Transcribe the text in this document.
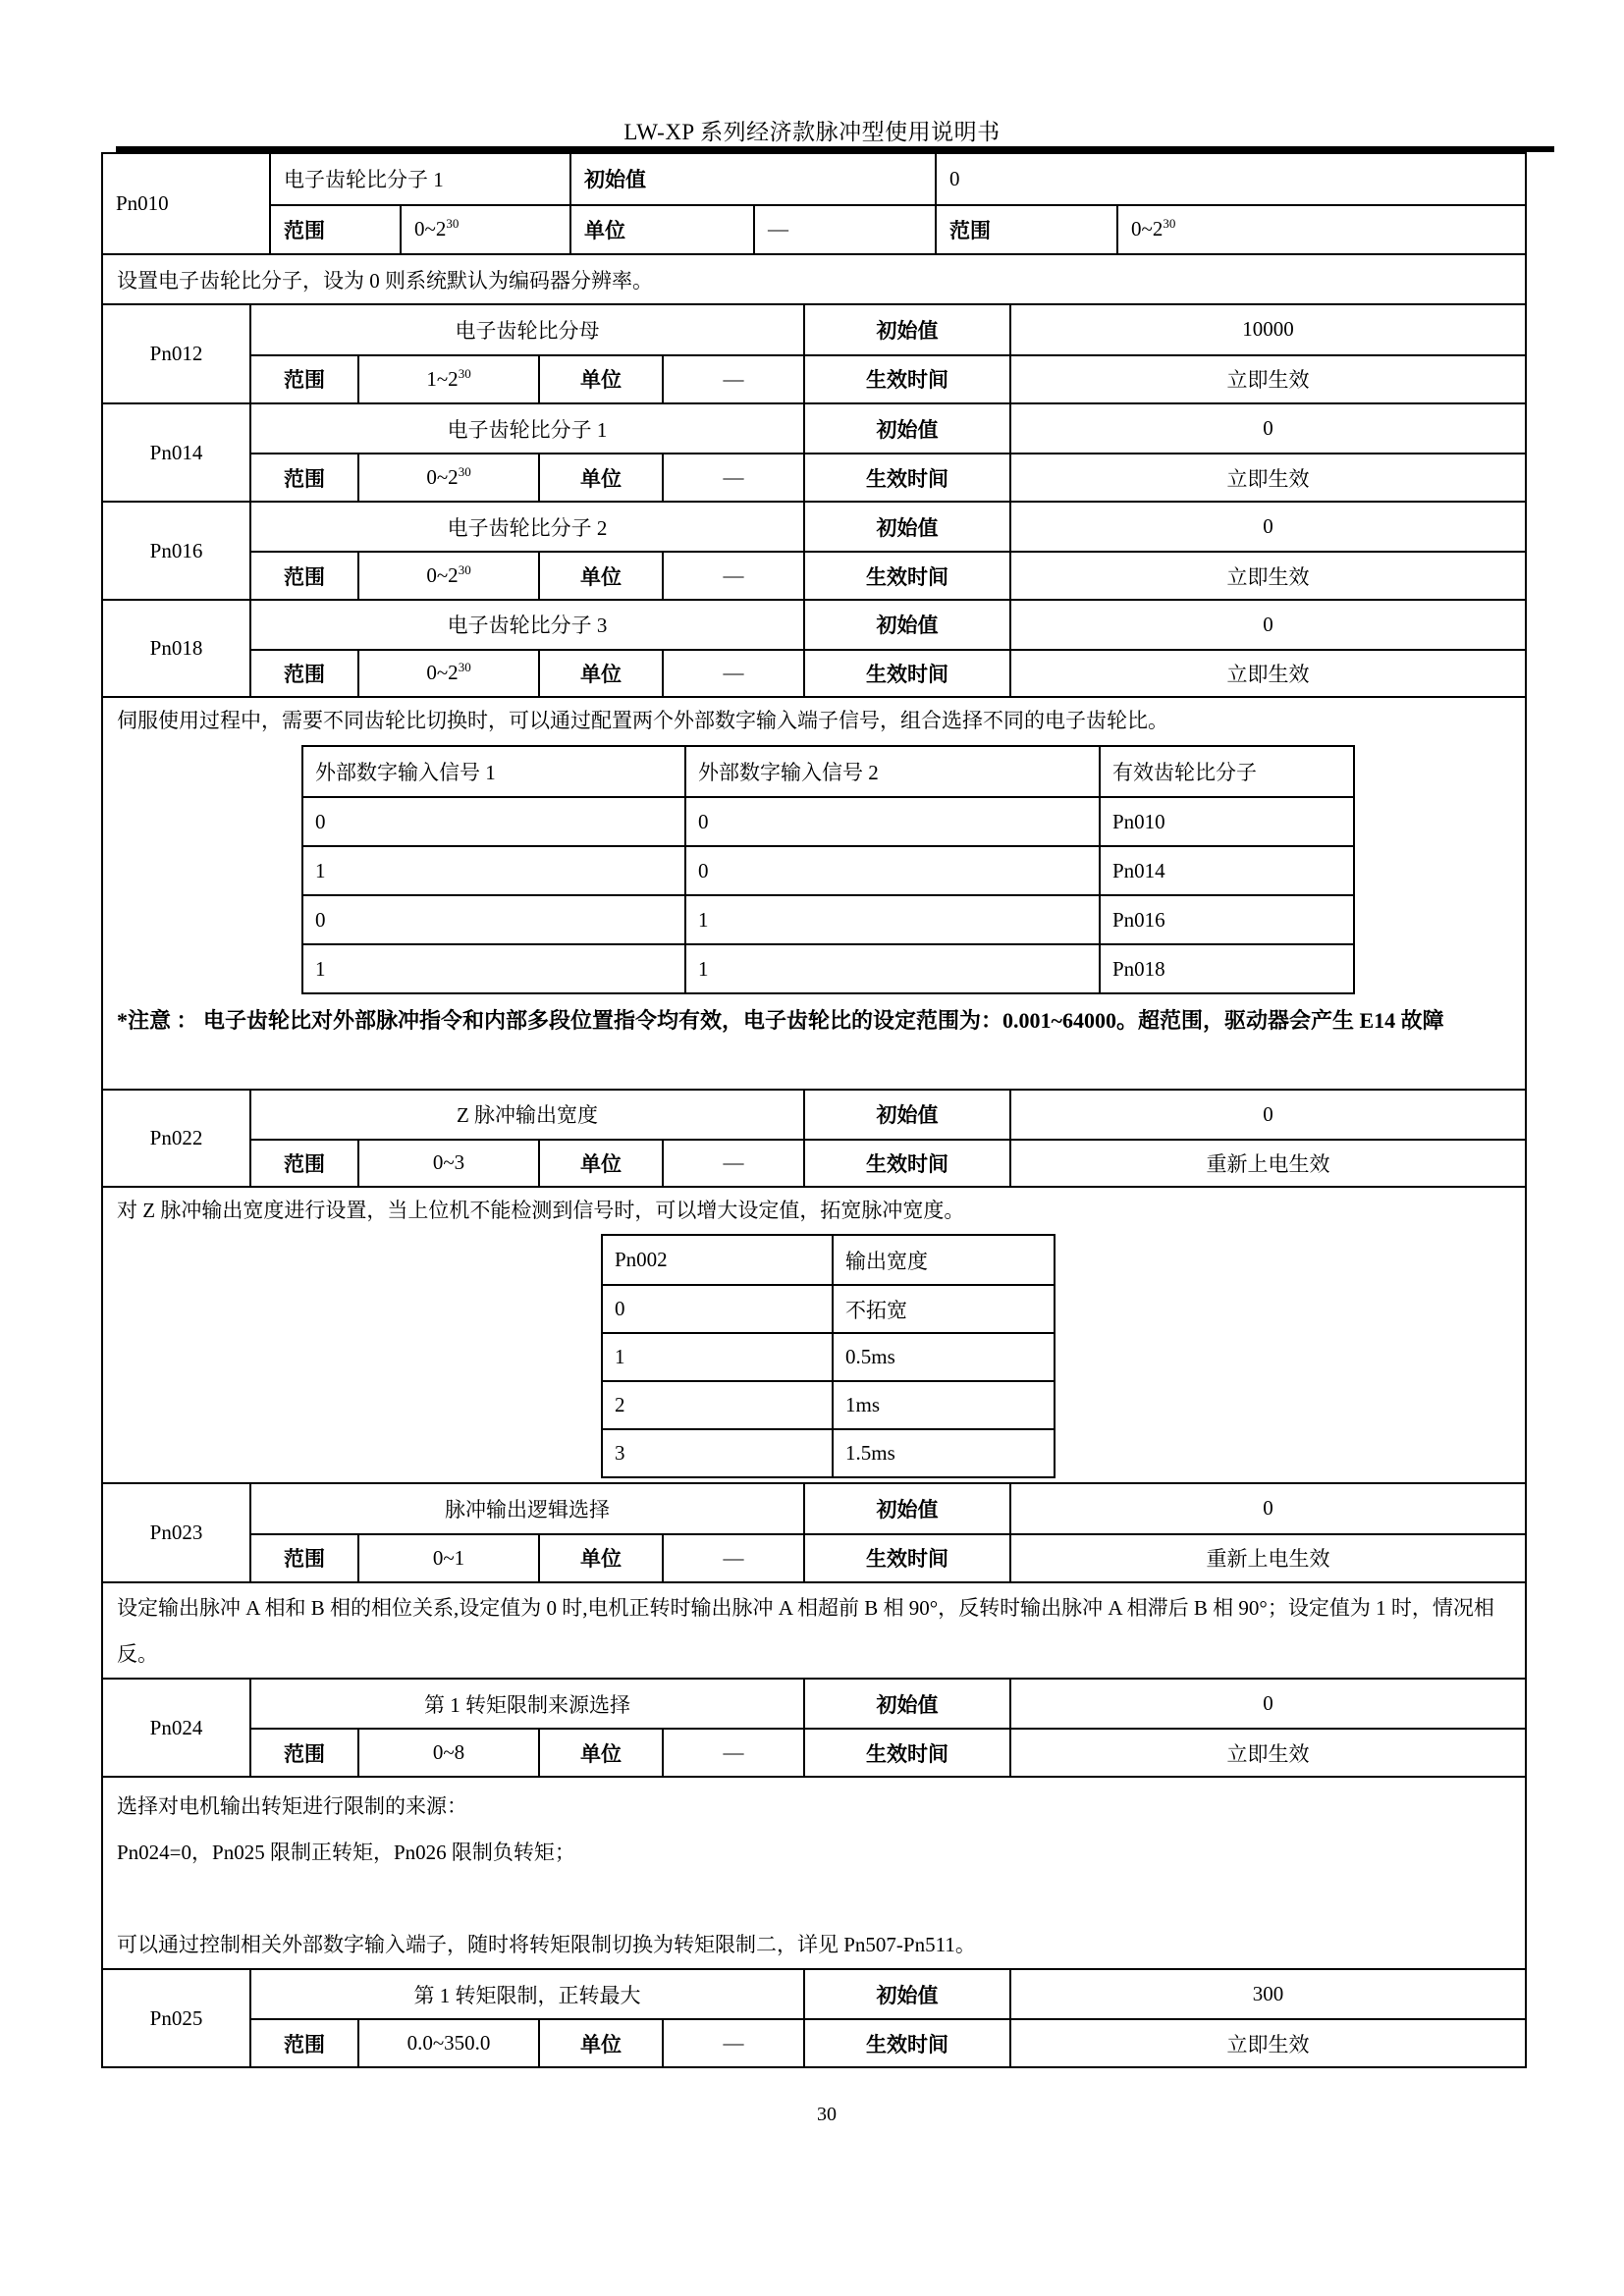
LW-XP 系列经济款脉冲型使用说明书
Pn010
电子齿轮比分子 1	初始值	0
范围	$0\sim 2^{30}$	单位	—	范围	$0\sim 2^{30}$
设置电子齿轮比分子，设为 0 则系统默认为编码器分辨率。
Pn012
电子齿轮比分母	初始值	10000
范围	$1\sim 2^{30}$	单位	—	生效时间	立即生效
Pn014
电子齿轮比分子 1	初始值	0
范围	$0\sim 2^{30}$	单位	—	生效时间	立即生效
Pn016
电子齿轮比分子 2	初始值	0
范围	$0\sim 2^{30}$	单位	—	生效时间	立即生效
Pn018
电子齿轮比分子 3	初始值	0
范围	$0\sim 2^{30}$	单位	—	生效时间	立即生效

伺服使用过程中，需要不同齿轮比切换时，可以通过配置两个外部数字输入端子信号，组合选择不同的电子齿轮比。

外部数字输入信号 1	外部数字输入信号 2	有效齿轮比分子
0	0	Pn010
1	0	Pn014
0	1	Pn016
1	1	Pn018
*注意 ： 电子齿轮比对外部脉冲指令和内部多段位置指令均有效，电子齿轮比的设定范围为：0.001~64000。超范围，驱动器会产生 E14 故障
Pn022
Z 脉冲输出宽度	初始值	0
范围	0~3	单位	—	生效时间	重新上电生效

对 Z 脉冲输出宽度进行设置，当上位机不能检测到信号时，可以增大设定值，拓宽脉冲宽度。

Pn002	输出宽度
0	不拓宽
1	0.5ms
2	1ms
3	1.5ms
Pn023
脉冲输出逻辑选择	初始值	0
范围	0~1	单位	—	生效时间	重新上电生效
设定输出脉冲 A 相和 B 相的相位关系,设定值为 0 时,电机正转时输出脉冲 A 相超前 B 相 90°，反转时输出脉冲 A 相滞后 B 相 90°；设定值为 1 时，情况相反。
Pn024
第 1 转矩限制来源选择	初始值	0
范围	0~8	单位	—	生效时间	立即生效

选择对电机输出转矩进行限制的来源：

Pn024=0，Pn025 限制正转矩，Pn026 限制负转矩；

可以通过控制相关外部数字输入端子，随时将转矩限制切换为转矩限制二，详见 Pn507-Pn511。

Pn025
第 1 转矩限制，正转最大	初始值	300
范围	0.0~350.0	单位	—	生效时间	立即生效
30
